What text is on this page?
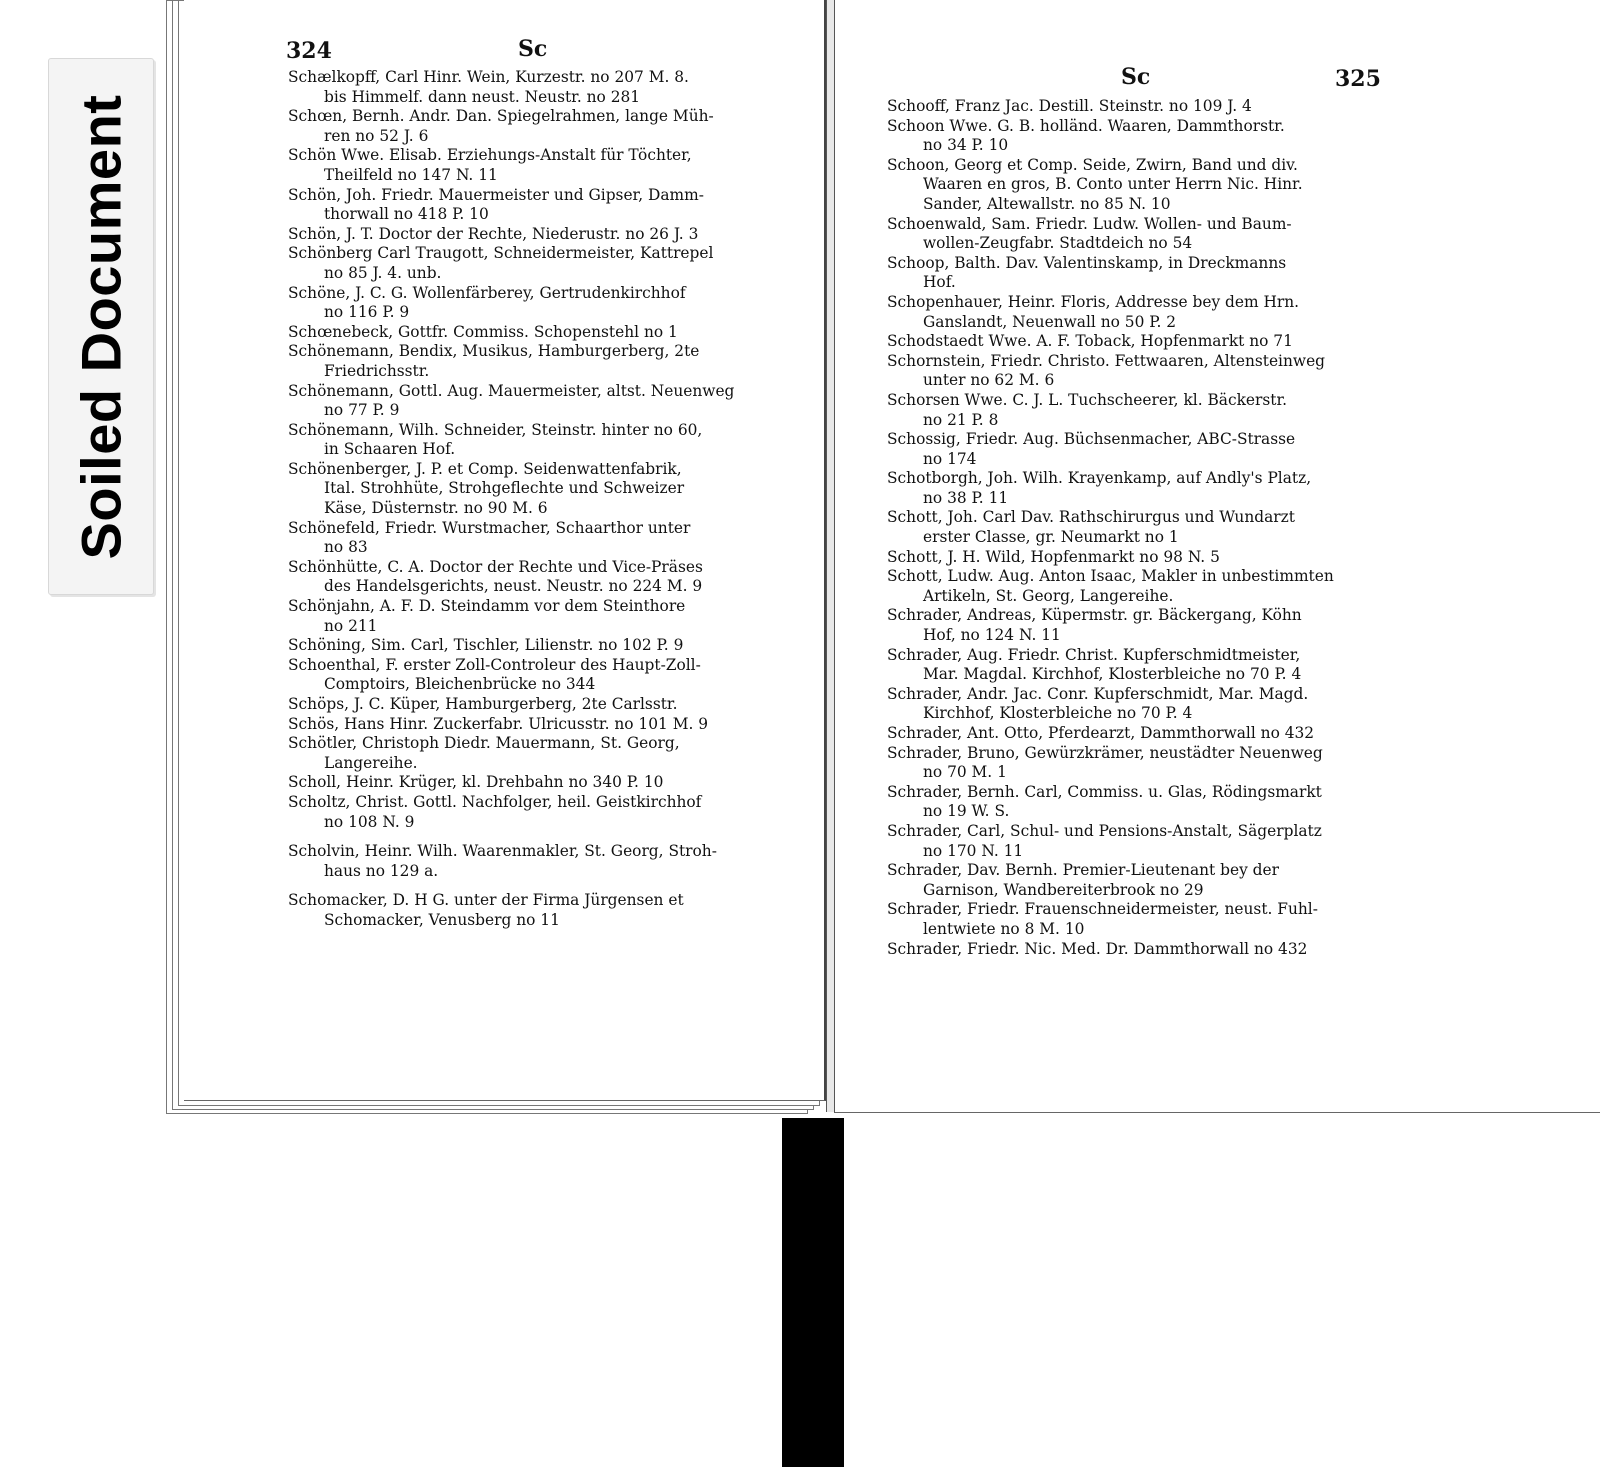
324	Sc
Schælkopff, Carl Hinr. Wein, Kurzestr. no 207 M. 8.
bis Himmelf. dann neust. Neustr. no 281
Schœn, Bernh. Andr. Dan. Spiegelrahmen, lange Müh-
ren no 52 J. 6
Schön Wwe. Elisab. Erziehungs-Anstalt für Töchter,
Theilfeld no 147 N. 11
Schön, Joh. Friedr. Mauermeister und Gipser, Damm-
thorwall no 418 P. 10
Schön, J. T. Doctor der Rechte, Niederustr. no 26 J. 3
Schönberg Carl Traugott, Schneidermeister, Kattrepel
no 85 J. 4. unb.
Schöne, J. C. G. Wollenfärberey, Gertrudenkirchhof
no 116 P. 9
Schœnebeck, Gottfr. Commiss. Schopenstehl no 1
Schönemann, Bendix, Musikus, Hamburgerberg, 2te
Friedrichsstr.
Schönemann, Gottl. Aug. Mauermeister, altst. Neuenweg
no 77 P. 9
Schönemann, Wilh. Schneider, Steinstr. hinter no 60,
in Schaaren Hof.
Schönenberger, J. P. et Comp. Seidenwattenfabrik,
Ital. Strohhüte, Strohgeflechte und Schweizer
Käse, Düsternstr. no 90 M. 6
Schönefeld, Friedr. Wurstmacher, Schaarthor unter
no 83
Schönhütte, C. A. Doctor der Rechte und Vice-Präses
des Handelsgerichts, neust. Neustr. no 224 M. 9
Schönjahn, A. F. D. Steindamm vor dem Steinthore
no 211
Schöning, Sim. Carl, Tischler, Lilienstr. no 102 P. 9
Schoenthal, F. erster Zoll-Controleur des Haupt-Zoll-
Comptoirs, Bleichenbrücke no 344
Schöps, J. C. Küper, Hamburgerberg, 2te Carlsstr.
Schös, Hans Hinr. Zuckerfabr. Ulricusstr. no 101 M. 9
Schötler, Christoph Diedr. Mauermann, St. Georg,
Langereihe.
Scholl, Heinr. Krüger, kl. Drehbahn no 340 P. 10
Scholtz, Christ. Gottl. Nachfolger, heil. Geistkirchhof
no 108 N. 9
Scholvin, Heinr. Wilh. Waarenmakler, St. Georg, Stroh-
haus no 129 a.
Schomacker, D. H G. unter der Firma Jürgensen et
Schomacker, Venusberg no 11
Sc	325
Schooff, Franz Jac. Destill. Steinstr. no 109 J. 4
Schoon Wwe. G. B. holländ. Waaren, Dammthorstr.
no 34 P. 10
Schoon, Georg et Comp. Seide, Zwirn, Band und div.
Waaren en gros, B. Conto unter Herrn Nic. Hinr.
Sander, Altewallstr. no 85 N. 10
Schoenwald, Sam. Friedr. Ludw. Wollen- und Baum-
wollen-Zeugfabr. Stadtdeich no 54
Schoop, Balth. Dav. Valentinskamp, in Dreckmanns
Hof.
Schopenhauer, Heinr. Floris, Addresse bey dem Hrn.
Ganslandt, Neuenwall no 50 P. 2
Schodstaedt Wwe. A. F. Toback, Hopfenmarkt no 71
Schornstein, Friedr. Christo. Fettwaaren, Altensteinweg
unter no 62 M. 6
Schorsen Wwe. C. J. L. Tuchscheerer, kl. Bäckerstr.
no 21 P. 8
Schossig, Friedr. Aug. Büchsenmacher, ABC-Strasse
no 174
Schotborgh, Joh. Wilh. Krayenkamp, auf Andly's Platz,
no 38 P. 11
Schott, Joh. Carl Dav. Rathschirurgus und Wundarzt
erster Classe, gr. Neumarkt no 1
Schott, J. H. Wild, Hopfenmarkt no 98 N. 5
Schott, Ludw. Aug. Anton Isaac, Makler in unbestimmten
Artikeln, St. Georg, Langereihe.
Schrader, Andreas, Küpermstr. gr. Bäckergang, Köhn
Hof, no 124 N. 11
Schrader, Aug. Friedr. Christ. Kupferschmidtmeister,
Mar. Magdal. Kirchhof, Klosterbleiche no 70 P. 4
Schrader, Andr. Jac. Conr. Kupferschmidt, Mar. Magd.
Kirchhof, Klosterbleiche no 70 P. 4
Schrader, Ant. Otto, Pferdearzt, Dammthorwall no 432
Schrader, Bruno, Gewürzkrämer, neustädter Neuenweg
no 70 M. 1
Schrader, Bernh. Carl, Commiss. u. Glas, Rödingsmarkt
no 19 W. S.
Schrader, Carl, Schul- und Pensions-Anstalt, Sägerplatz
no 170 N. 11
Schrader, Dav. Bernh. Premier-Lieutenant bey der
Garnison, Wandbereiterbrook no 29
Schrader, Friedr. Frauenschneidermeister, neust. Fuhl-
lentwiete no 8 M. 10
Schrader, Friedr. Nic. Med. Dr. Dammthorwall no 432
Soiled Document
